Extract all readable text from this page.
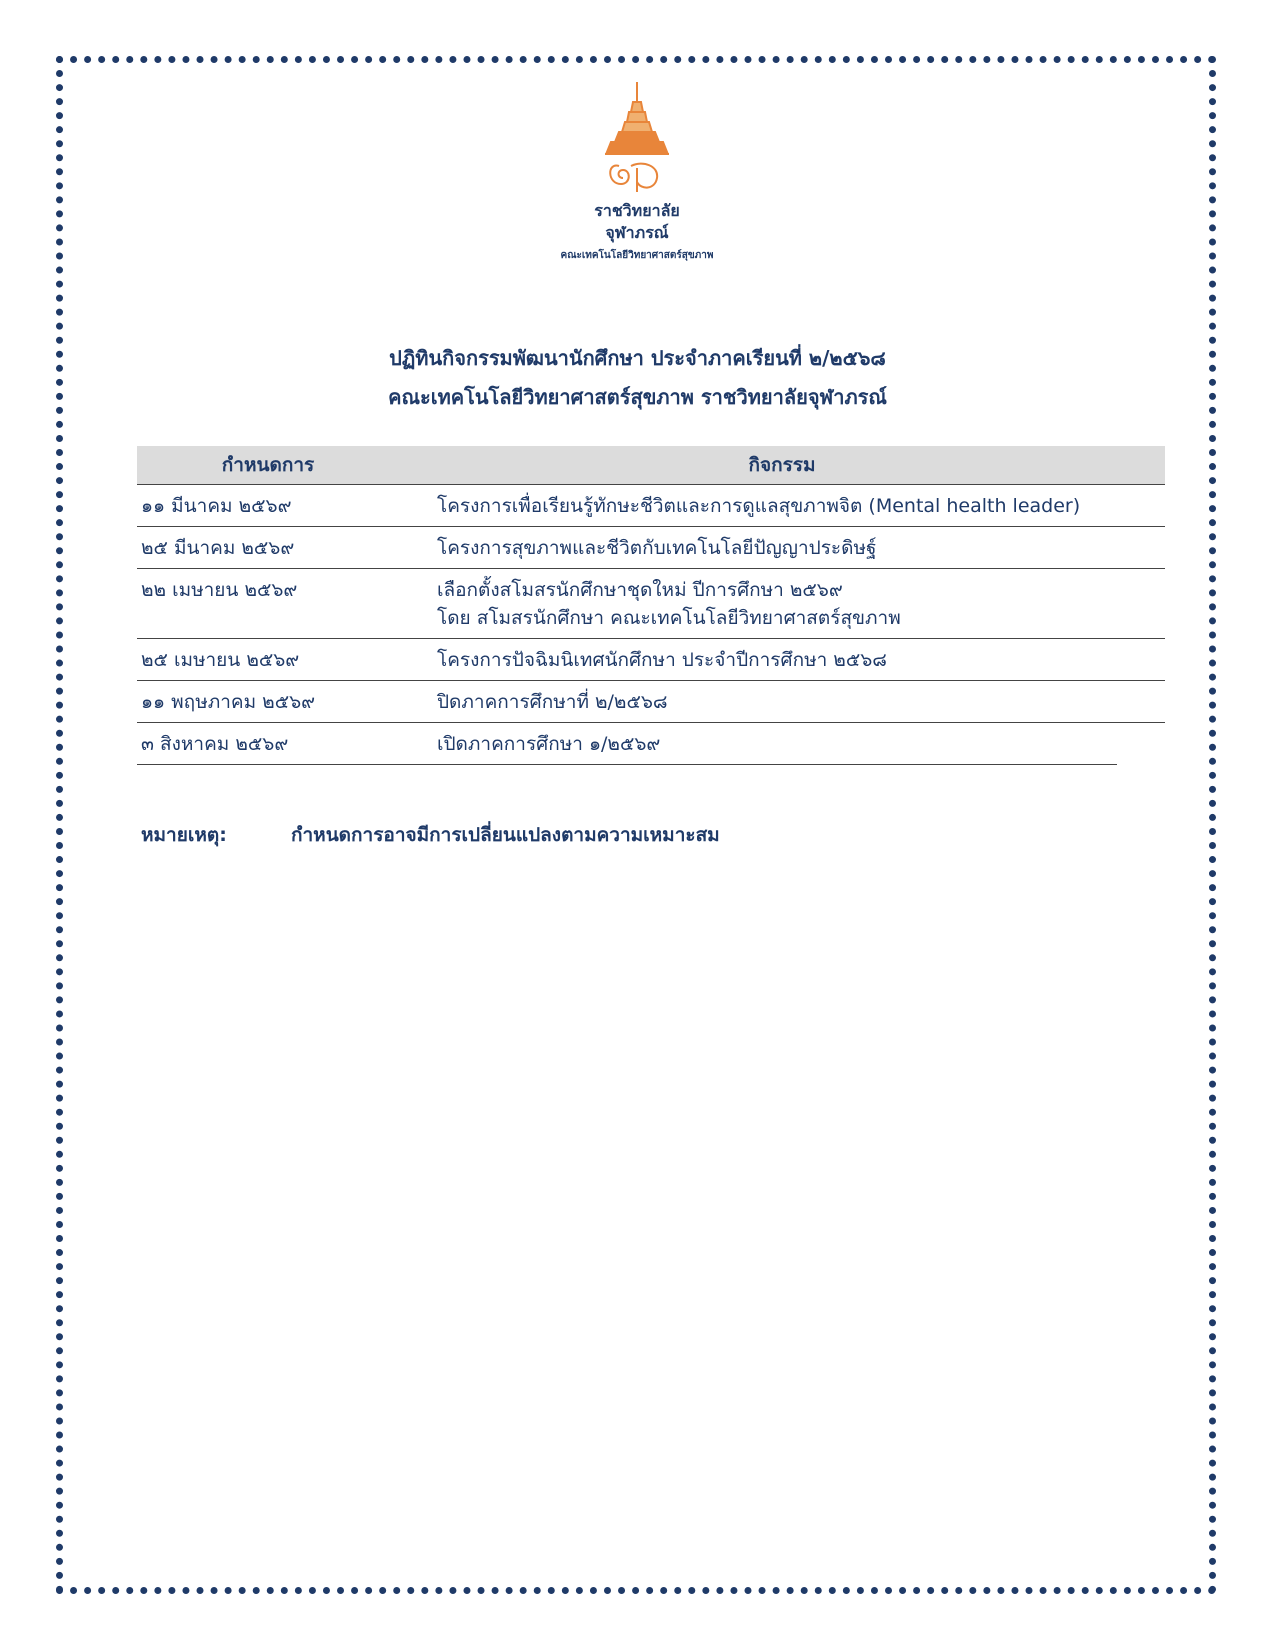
ราชวิทยาลัย
จุฬาภรณ์
คณะเทคโนโลยีวิทยาศาสตร์สุขภาพ
ปฏิทินกิจกรรมพัฒนานักศึกษา ประจำภาคเรียนที่ ๒/๒๕๖๘
คณะเทคโนโลยีวิทยาศาสตร์สุขภาพ ราชวิทยาลัยจุฬาภรณ์
กำหนดการ	กิจกรรม
๑๑ มีนาคม ๒๕๖๙	โครงการเพื่อเรียนรู้ทักษะชีวิตและการดูแลสุขภาพจิต (Mental health leader)
๒๕ มีนาคม ๒๕๖๙	โครงการสุขภาพและชีวิตกับเทคโนโลยีปัญญาประดิษฐ์
๒๒ เมษายน ๒๕๖๙	เลือกตั้งสโมสรนักศึกษาชุดใหม่ ปีการศึกษา ๒๕๖๙
โดย สโมสรนักศึกษา คณะเทคโนโลยีวิทยาศาสตร์สุขภาพ
๒๕ เมษายน ๒๕๖๙	โครงการปัจฉิมนิเทศนักศึกษา ประจำปีการศึกษา ๒๕๖๘
๑๑ พฤษภาคม ๒๕๖๙	ปิดภาคการศึกษาที่ ๒/๒๕๖๘
๓ สิงหาคม ๒๕๖๙	เปิดภาคการศึกษา ๑/๒๕๖๙
หมายเหตุ:	กำหนดการอาจมีการเปลี่ยนแปลงตามความเหมาะสม
